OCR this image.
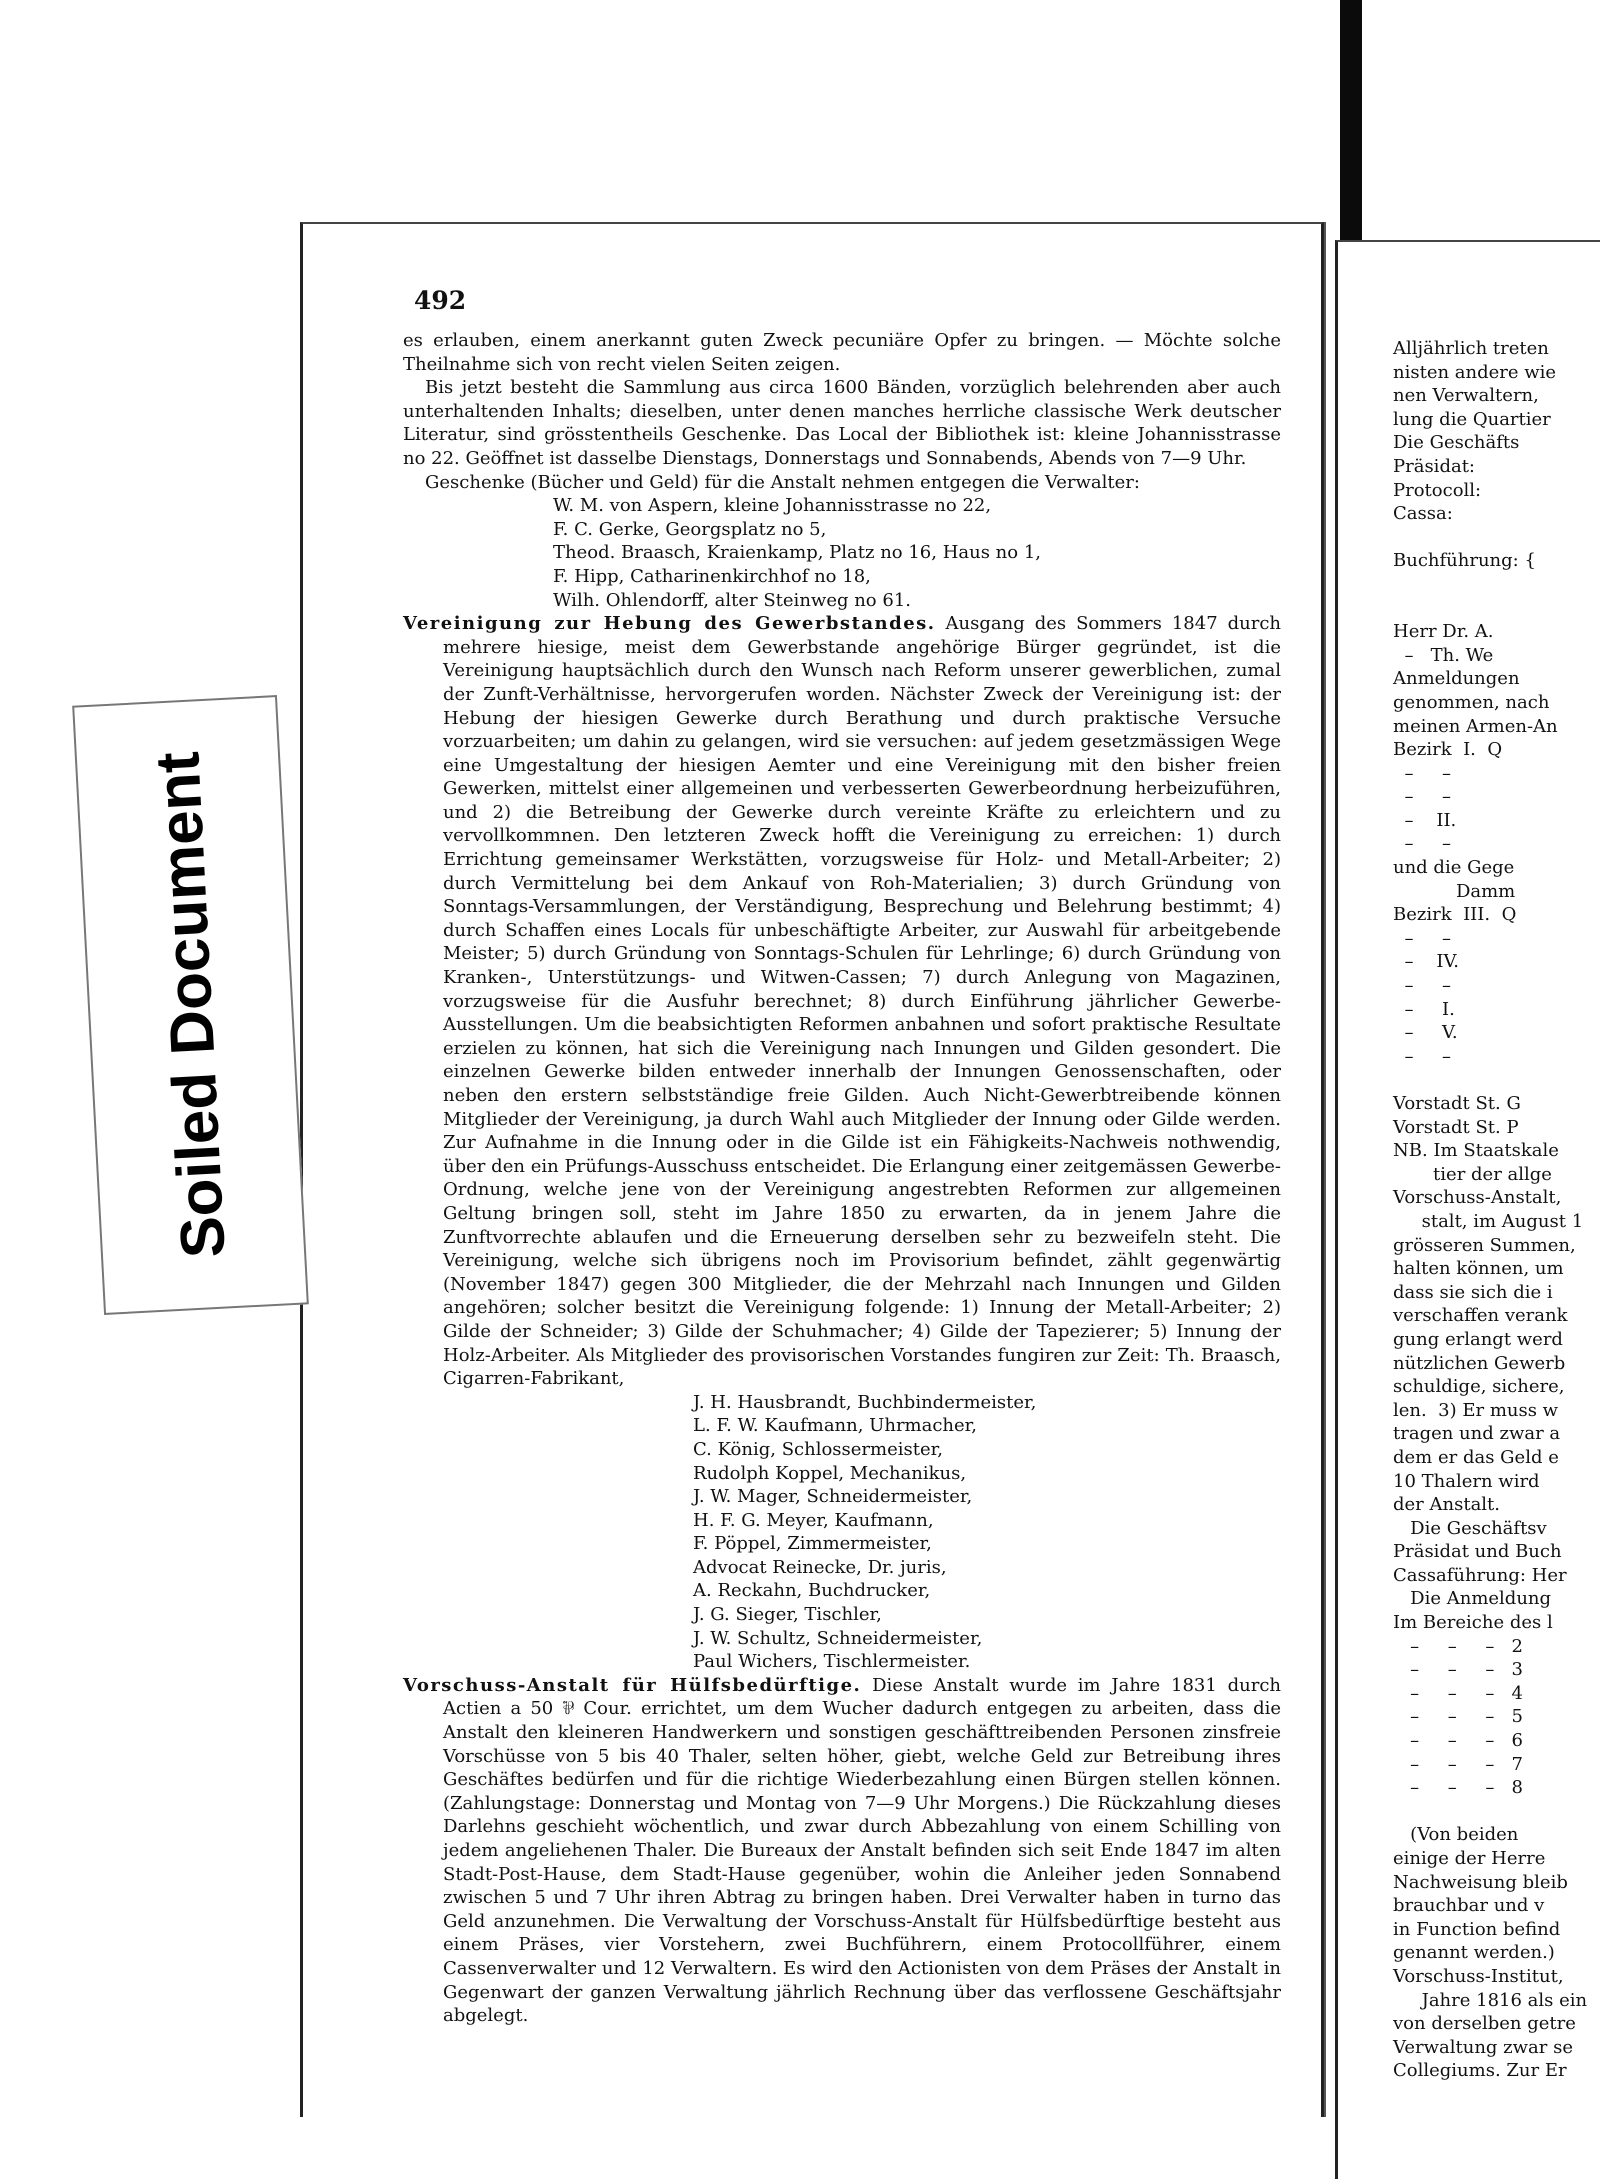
Alljährlich treten

nisten andere wie

nen Verwaltern,

lung die Quartier

Die Geschäfts

Präsidat:

Protocoll:

Cassa:

Buchführung: {

Herr Dr. A.

–   Th. We

Anmeldungen

genommen, nach

meinen Armen-An

Bezirk  I.  Q

–     –

–     –

–    II.

–     –

und die Gege

Damm

Bezirk  III.  Q

–     –

–    IV.

–     –

–     I.

–     V.

–     –

Vorstadt St. G

Vorstadt St. P

NB. Im Staatskale

tier der allge

Vorschuss-Anstalt,

stalt, im August 1

grösseren Summen,

halten können, um

dass sie sich die i

verschaffen verank

gung erlangt werd

nützlichen Gewerb

schuldige, sichere,

len.  3) Er muss w

tragen und zwar a

dem er das Geld e

10 Thalern wird

der Anstalt.

Die Geschäftsv

Präsidat und Buch

Cassaführung: Her

Die Anmeldung

Im Bereiche des l

–     –     –   2

–     –     –   3

–     –     –   4

–     –     –   5

–     –     –   6

–     –     –   7

–     –     –   8

(Von beiden

einige der Herre

Nachweisung bleib

brauchbar und v

in Function befind

genannt werden.)

Vorschuss-Institut,

Jahre 1816 als ein

von derselben getre

Verwaltung zwar se

Collegiums. Zur Er

492

es erlauben, einem anerkannt guten Zweck pecuniäre Opfer zu bringen. — Möchte solche Theilnahme sich von recht vielen Seiten zeigen.

Bis jetzt besteht die Sammlung aus circa 1600 Bänden, vorzüglich belehrenden aber auch unterhaltenden Inhalts; dieselben, unter denen manches herrliche classische Werk deutscher Literatur, sind grösstentheils Geschenke. Das Local der Bibliothek ist: kleine Johannisstrasse no 22. Geöffnet ist dasselbe Dienstags, Donnerstags und Sonnabends, Abends von 7—9 Uhr.

Geschenke (Bücher und Geld) für die Anstalt nehmen entgegen die Verwalter:

W. M. von Aspern, kleine Johannisstrasse no 22,

F. C. Gerke, Georgsplatz no 5,

Theod. Braasch, Kraienkamp, Platz no 16, Haus no 1,

F. Hipp, Catharinenkirchhof no 18,

Wilh. Ohlendorff, alter Steinweg no 61.

Vereinigung zur Hebung des Gewerbstandes. Ausgang des Sommers 1847 durch mehrere hiesige, meist dem Gewerbstande angehörige Bürger gegründet, ist die Vereinigung hauptsächlich durch den Wunsch nach Reform unserer gewerblichen, zumal der Zunft-Verhältnisse, hervorgerufen worden. Nächster Zweck der Vereinigung ist: der Hebung der hiesigen Gewerke durch Berathung und durch praktische Versuche vorzuarbeiten; um dahin zu gelangen, wird sie versuchen: auf jedem gesetzmässigen Wege eine Umgestaltung der hiesigen Aemter und eine Vereinigung mit den bisher freien Gewerken, mittelst einer allgemeinen und verbesserten Gewerbeordnung herbeizuführen, und 2) die Betreibung der Gewerke durch vereinte Kräfte zu erleichtern und zu vervollkommnen. Den letzteren Zweck hofft die Vereinigung zu erreichen: 1) durch Errichtung gemeinsamer Werkstätten, vorzugsweise für Holz- und Metall-Arbeiter; 2) durch Vermittelung bei dem Ankauf von Roh-Materialien; 3) durch Gründung von Sonntags-Versammlungen, der Verständigung, Besprechung und Belehrung bestimmt; 4) durch Schaffen eines Locals für unbeschäftigte Arbeiter, zur Auswahl für arbeitgebende Meister; 5) durch Gründung von Sonntags-Schulen für Lehrlinge; 6) durch Gründung von Kranken-, Unterstützungs- und Witwen-Cassen; 7) durch Anlegung von Magazinen, vorzugsweise für die Ausfuhr berechnet; 8) durch Einführung jährlicher Gewerbe-Ausstellungen. Um die beabsichtigten Reformen anbahnen und sofort praktische Resultate erzielen zu können, hat sich die Vereinigung nach Innungen und Gilden gesondert. Die einzelnen Gewerke bilden entweder innerhalb der Innungen Genossenschaften, oder neben den erstern selbstständige freie Gilden. Auch Nicht-Gewerbtreibende können Mitglieder der Vereinigung, ja durch Wahl auch Mitglieder der Innung oder Gilde werden. Zur Aufnahme in die Innung oder in die Gilde ist ein Fähigkeits-Nachweis nothwendig, über den ein Prüfungs-Ausschuss entscheidet. Die Erlangung einer zeitgemässen Gewerbe-Ordnung, welche jene von der Vereinigung angestrebten Reformen zur allgemeinen Geltung bringen soll, steht im Jahre 1850 zu erwarten, da in jenem Jahre die Zunftvorrechte ablaufen und die Erneuerung derselben sehr zu bezweifeln steht. Die Vereinigung, welche sich übrigens noch im Provisorium befindet, zählt gegenwärtig (November 1847) gegen 300 Mitglieder, die der Mehrzahl nach Innungen und Gilden angehören; solcher besitzt die Vereinigung folgende: 1) Innung der Metall-Arbeiter; 2) Gilde der Schneider; 3) Gilde der Schuhmacher; 4) Gilde der Tapezierer; 5) Innung der Holz-Arbeiter. Als Mitglieder des provisorischen Vorstandes fungiren zur Zeit: Th. Braasch, Cigarren-Fabrikant,

J. H. Hausbrandt, Buchbindermeister,

L. F. W. Kaufmann, Uhrmacher,

C. König, Schlossermeister,

Rudolph Koppel, Mechanikus,

J. W. Mager, Schneidermeister,

H. F. G. Meyer, Kaufmann,

F. Pöppel, Zimmermeister,

Advocat Reinecke, Dr. juris,

A. Reckahn, Buchdrucker,

J. G. Sieger, Tischler,

J. W. Schultz, Schneidermeister,

Paul Wichers, Tischlermeister.

Vorschuss-Anstalt für Hülfsbedürftige. Diese Anstalt wurde im Jahre 1831 durch Actien a 50 ⅌ Cour. errichtet, um dem Wucher dadurch entgegen zu arbeiten, dass die Anstalt den kleineren Handwerkern und sonstigen geschäfttreibenden Personen zinsfreie Vorschüsse von 5 bis 40 Thaler, selten höher, giebt, welche Geld zur Betreibung ihres Geschäftes bedürfen und für die richtige Wiederbezahlung einen Bürgen stellen können. (Zahlungstage: Donnerstag und Montag von 7—9 Uhr Morgens.) Die Rückzahlung dieses Darlehns geschieht wöchentlich, und zwar durch Abbezahlung von einem Schilling von jedem angeliehenen Thaler. Die Bureaux der Anstalt befinden sich seit Ende 1847 im alten Stadt-Post-Hause, dem Stadt-Hause gegenüber, wohin die Anleiher jeden Sonnabend zwischen 5 und 7 Uhr ihren Abtrag zu bringen haben. Drei Verwalter haben in turno das Geld anzunehmen. Die Verwaltung der Vorschuss-Anstalt für Hülfsbedürftige besteht aus einem Präses, vier Vorstehern, zwei Buchführern, einem Protocollführer, einem Cassenverwalter und 12 Verwaltern. Es wird den Actionisten von dem Präses der Anstalt in Gegenwart der ganzen Verwaltung jährlich Rechnung über das verflossene Geschäftsjahr abgelegt.

Soiled Document
